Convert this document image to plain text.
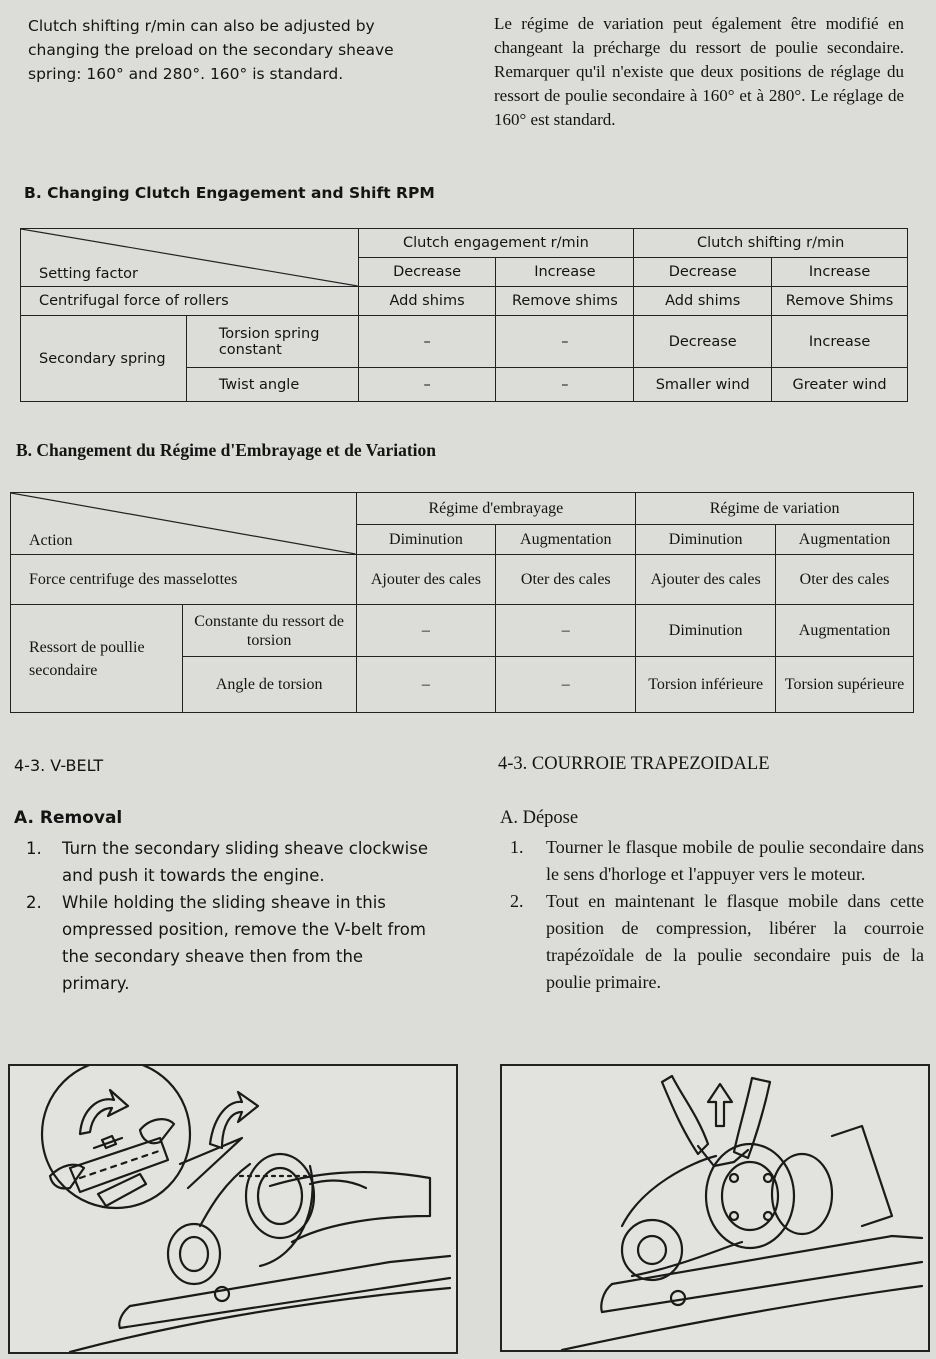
Clutch shifting r/min can also be adjusted by changing the preload on the secondary sheave spring: 160° and 280°. 160° is standard.

Le régime de variation peut également être modifié en changeant la précharge du ressort de poulie secondaire. Remarquer qu'il n'existe que deux positions de réglage du ressort de poulie secondaire à 160° et à 280°. Le réglage de 160° est standard.

B. Changing Clutch Engagement and Shift RPM

Setting factor		Clutch engagement r/min		Clutch shifting r/min	
		Decrease	Increase	Decrease	Increase
Centrifugal force of rollers		Add shims	Remove shims	Add shims	Remove Shims
Secondary spring	Torsion spring constant	–	–	Decrease	Increase
	Twist angle	–	–	Smaller wind	Greater wind

B. Changement du Régime d'Embrayage et de Variation

Action		Régime d'embrayage		Régime de variation	
		Diminution	Augmentation	Diminution	Augmentation
Force centrifuge des masselottes		Ajouter des cales	Oter des cales	Ajouter des cales	Oter des cales
Ressort de poullie secondaire	Constante du ressort de torsion	–	–	Diminution	Augmentation
	Angle de torsion	–	–	Torsion inférieure	Torsion supérieure

4-3. V-BELT

A. Removal

1. Turn the secondary sliding sheave clockwise and push it towards the engine.
2. While holding the sliding sheave in this ompressed position, remove the V-belt from the secondary sheave then from the primary.

4-3. COURROIE TRAPEZOIDALE

A. Dépose

1. Tourner le flasque mobile de poulie secondaire dans le sens d'horloge et l'appuyer vers le moteur.
2. Tout en maintenant le flasque mobile dans cette position de compression, libérer la courroie trapézoïdale de la poulie secondaire puis de la poulie primaire.
